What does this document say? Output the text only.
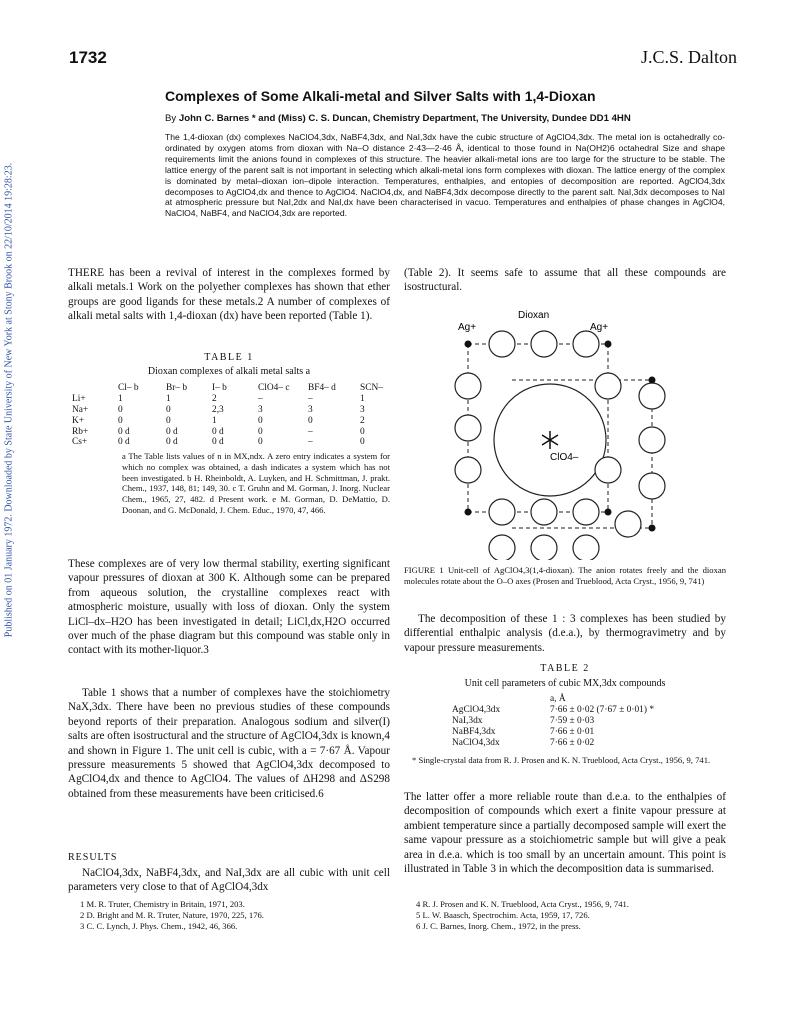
Published on 01 January 1972. Downloaded by State University of New York at Stony Brook on 22/10/2014 19:28:23.
1732	J.C.S. Dalton
Complexes of Some Alkali-metal and Silver Salts with 1,4-Dioxan
By John C. Barnes * and (Miss) C. S. Duncan, Chemistry Department, The University, Dundee DD1 4HN
The 1,4-dioxan (dx) complexes NaClO4,3dx, NaBF4,3dx, and NaI,3dx have the cubic structure of AgClO4,3dx. The metal ion is octahedrally co-ordinated by oxygen atoms from dioxan with Na–O distance 2·43—2·46 Å, identical to those found in Na(OH2)6 octahedral Size and shape requirements limit the anions found in complexes of this structure. The heavier alkali-metal ions are too large for the structure to be stable. The lattice energy of the parent salt is not important in selecting which alkali-metal ions form complexes with dioxan. The lattice energy of the complex is dominated by metal–dioxan ion–dipole interaction. Temperatures, enthalpies, and entopies of decomposition are reported. AgClO4,3dx decomposes to AgClO4,dx and thence to AgClO4. NaClO4,dx, and NaBF4,3dx decompose directly to the parent salt. NaI,3dx decomposes to NaI at atmospheric pressure but NaI,2dx and NaI,dx have been characterised in vacuo. Temperatures and enthalpies of phase changes in AgClO4, NaClO4, NaBF4, and NaClO4,3dx are reported.
THERE has been a revival of interest in the complexes formed by alkali metals.1 Work on the polyether complexes has shown that ether groups are good ligands for these metals.2 A number of complexes of alkali metal salts with 1,4-dioxan (dx) have been reported (Table 1).
TABLE 1
Dioxan complexes of alkali metal salts a
	Cl– b	Br– b	I– b	ClO4– c	BF4– d	SCN–
Li+	1	1	2	–	–	1
Na+	0	0	2,3	3	3	3
K+	0	0	1	0	0	2
Rb+	0 d	0 d	0 d	0	–	0
Cs+	0 d	0 d	0 d	0	–	0
a The Table lists values of n in MX,ndx. A zero entry indicates a system for which no complex was obtained, a dash indicates a system which has not been investigated. b H. Rheinboldt, A. Luyken, and H. Schmittman, J. prakt. Chem., 1937, 148, 81; 149, 30. c T. Gruhn and M. Gorman, J. Inorg. Nuclear Chem., 1965, 27, 482. d Present work. e M. Gorman, D. DeMattio, D. Doonan, and G. McDonald, J. Chem. Educ., 1970, 47, 466.
These complexes are of very low thermal stability, exerting significant vapour pressures of dioxan at 300 K. Although some can be prepared from aqueous solution, the crystalline complexes react with atmospheric moisture, usually with loss of dioxan. Only the system LiCl–dx–H2O has been investigated in detail; LiCl,dx,H2O occurred over much of the phase diagram but this compound was stable only in contact with its mother-liquor.3
Table 1 shows that a number of complexes have the stoichiometry NaX,3dx. There have been no previous studies of these compounds beyond reports of their preparation. Analogous sodium and silver(I) salts are often isostructural and the structure of AgClO4,3dx is known,4 and shown in Figure 1. The unit cell is cubic, with a = 7·67 Å. Vapour pressure measurements 5 showed that AgClO4,3dx decomposed to AgClO4,dx and thence to AgClO4. The values of ΔH298 and ΔS298 obtained from these measurements have been criticised.6
RESULTS
NaClO4,3dx, NaBF4,3dx, and NaI,3dx are all cubic with unit cell parameters very close to that of AgClO4,3dx
1 M. R. Truter, Chemistry in Britain, 1971, 203.
2 D. Bright and M. R. Truter, Nature, 1970, 225, 176.
3 C. C. Lynch, J. Phys. Chem., 1942, 46, 366.
(Table 2). It seems safe to assume that all these compounds are isostructural.
Dioxan
Ag+	Ag+
ClO4–
FIGURE 1 Unit-cell of AgClO4,3(1,4-dioxan). The anion rotates freely and the dioxan molecules rotate about the O–O axes (Prosen and Trueblood, Acta Cryst., 1956, 9, 741)
The decomposition of these 1 : 3 complexes has been studied by differential enthalpic analysis (d.e.a.), by thermogravimetry and by vapour pressure measurements.
TABLE 2
Unit cell parameters of cubic MX,3dx compounds
a, Å
AgClO4,3dx	7·66 ± 0·02 (7·67 ± 0·01) *
NaI,3dx	7·59 ± 0·03
NaBF4,3dx	7·66 ± 0·01
NaClO4,3dx	7·66 ± 0·02
* Single-crystal data from R. J. Prosen and K. N. Trueblood, Acta Cryst., 1956, 9, 741.
The latter offer a more reliable route than d.e.a. to the enthalpies of decomposition of compounds which exert a finite vapour pressure at ambient temperature since a partially decomposed sample will exert the same vapour pressure as a stoichiometric sample but will give a peak area in d.e.a. which is too small by an uncertain amount. This point is illustrated in Table 3 in which the decomposition data is summarised.
4 R. J. Prosen and K. N. Trueblood, Acta Cryst., 1956, 9, 741.
5 L. W. Baasch, Spectrochim. Acta, 1959, 17, 726.
6 J. C. Barnes, Inorg. Chem., 1972, in the press.
